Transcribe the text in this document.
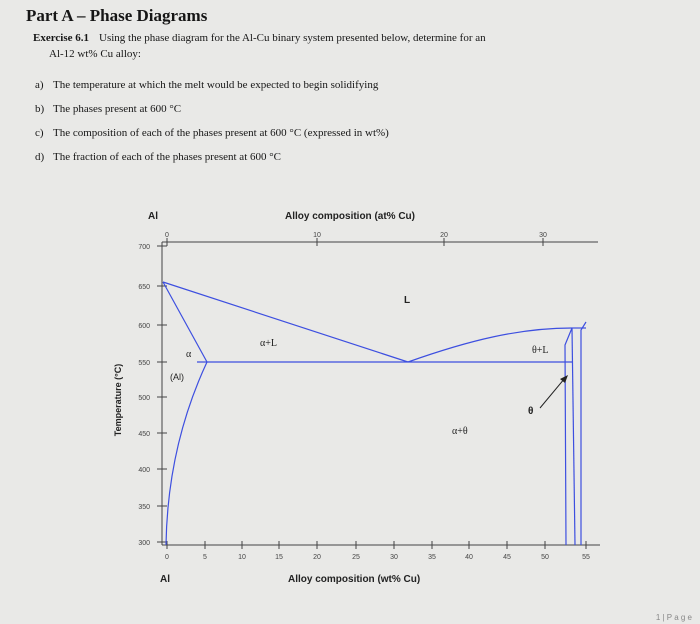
Part A – Phase Diagrams
Exercise 6.1 Using the phase diagram for the Al-Cu binary system presented below, determine for an
Al-12 wt% Cu alloy:
a) The temperature at which the melt would be expected to begin solidifying
b) The phases present at 600 °C
c) The composition of each of the phases present at 600 °C (expressed in wt%)
d) The fraction of each of the phases present at 600 °C
Al	Alloy composition (at% Cu)
0	10	20	30
Temperature (°C)
700
650
600
550
500
450
400
350
300
0	5	10	15	20	25	30	35	40	45	50	55
Al	Alloy composition (wt% Cu)
L
α+L
θ+L
α
(Al)
θ
α+θ
1 | P a g e
